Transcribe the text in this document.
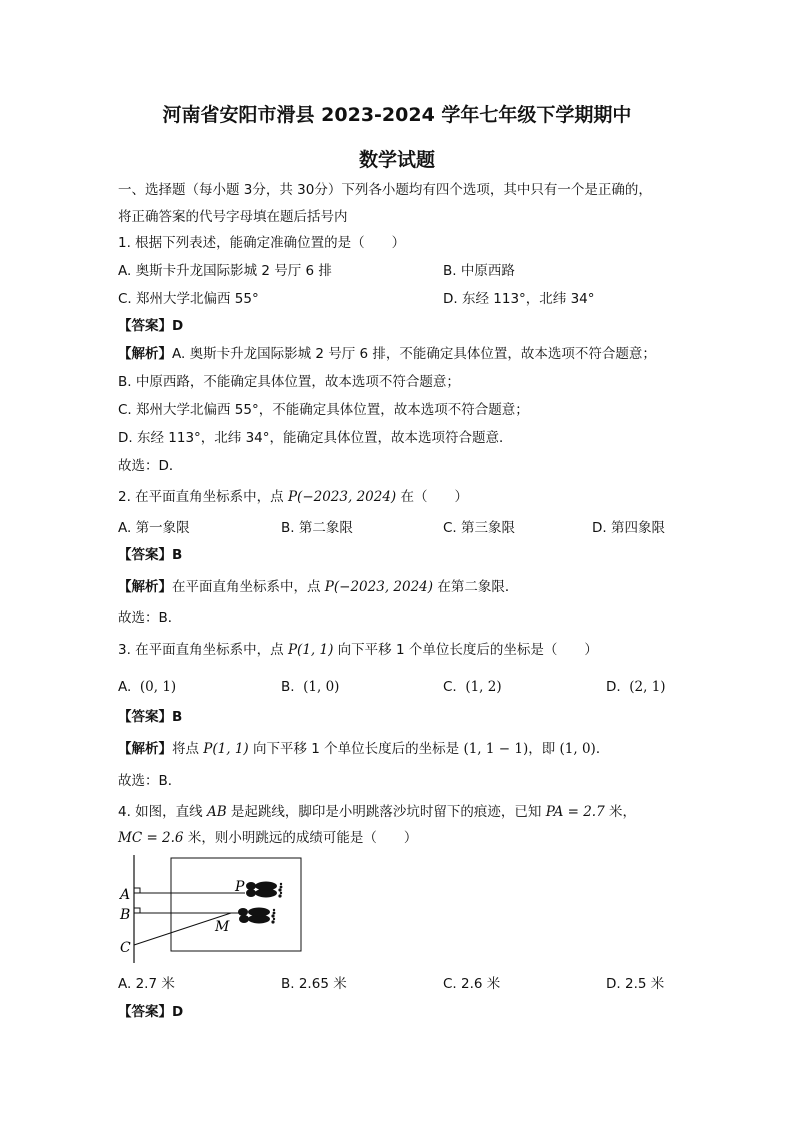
河南省安阳市滑县 2023-2024 学年七年级下学期期中
数学试题
一、选择题（每小题 3分，共 30分）下列各小题均有四个选项，其中只有一个是正确的，
将正确答案的代号字母填在题后括号内
1. 根据下列表述，能确定准确位置的是（　　）
A. 奥斯卡升龙国际影城 2 号厅 6 排	B. 中原西路
C. 郑州大学北偏西 55°	D. 东经 113°，北纬 34°
【答案】D
【解析】A. 奥斯卡升龙国际影城 2 号厅 6 排，不能确定具体位置，故本选项不符合题意；
B. 中原西路，不能确定具体位置，故本选项不符合题意；
C. 郑州大学北偏西 55°，不能确定具体位置，故本选项不符合题意；
D. 东经 113°，北纬 34°，能确定具体位置，故本选项符合题意．
故选：D．
2. 在平面直角坐标系中，点 P(−2023, 2024) 在（　　）
A. 第一象限	B. 第二象限	C. 第三象限	D. 第四象限
【答案】B
【解析】在平面直角坐标系中，点 P(−2023, 2024) 在第二象限．
故选：B．
3. 在平面直角坐标系中，点 P(1, 1) 向下平移 1 个单位长度后的坐标是（　　）
A. (0, 1)	B. (1, 0)	C. (1, 2)	D. (2, 1)
【答案】B
【解析】将点 P(1, 1) 向下平移 1 个单位长度后的坐标是 (1, 1 − 1)，即 (1, 0)．
故选：B．
4. 如图，直线 AB 是起跳线，脚印是小明跳落沙坑时留下的痕迹，已知 PA = 2.7 米，
MC = 2.6 米，则小明跳远的成绩可能是（　　）
A
B
C
P
M
A. 2.7 米	B. 2.65 米	C. 2.6 米	D. 2.5 米
【答案】D
